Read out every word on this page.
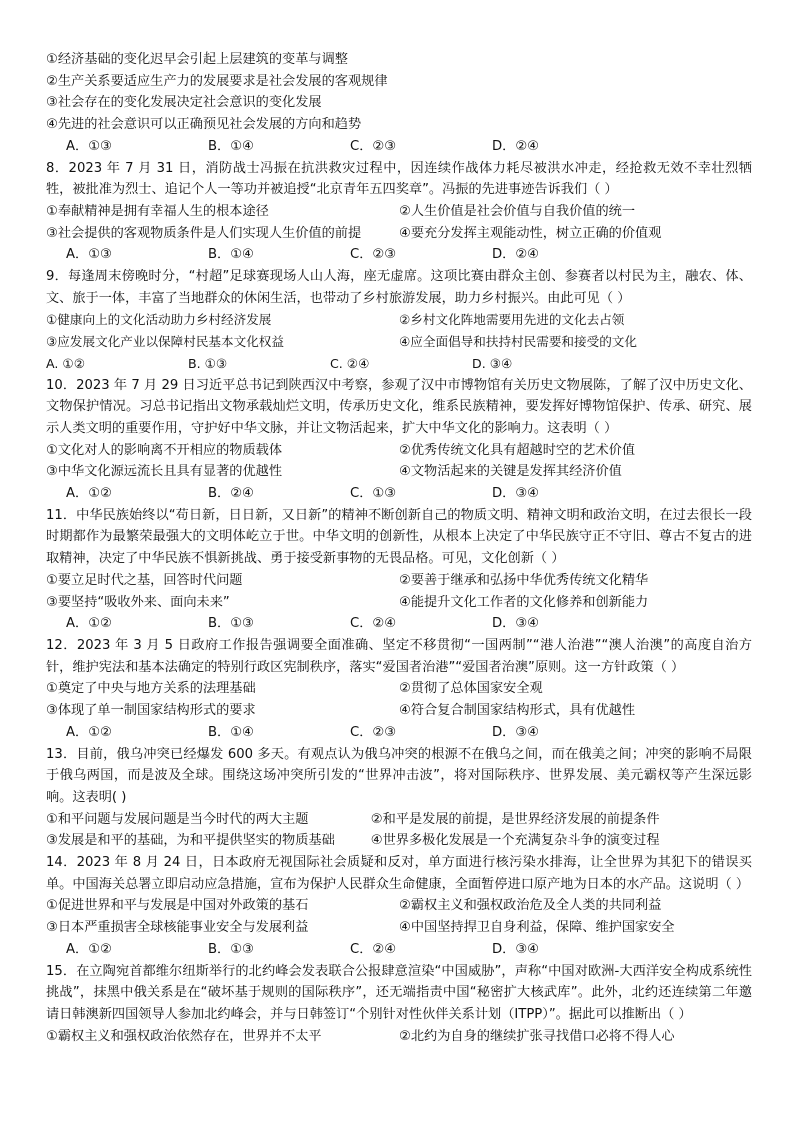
①经济基础的变化迟早会引起上层建筑的变革与调整
②生产关系要适应生产力的发展要求是社会发展的客观规律
③社会存在的变化发展决定社会意识的变化发展
④先进的社会意识可以正确预见社会发展的方向和趋势
A．①③	B．①④	C．②③	D．②④
8．2023 年 7 月 31 日，消防战士冯振在抗洪救灾过程中，因连续作战体力耗尽被洪水冲走，经抢救无效不幸壮烈牺牲，被批准为烈士、追记个人一等功并被追授“北京青年五四奖章”。冯振的先进事迹告诉我们（ ）
①奉献精神是拥有幸福人生的根本途径	②人生价值是社会价值与自我价值的统一
③社会提供的客观物质条件是人们实现人生价值的前提	④要充分发挥主观能动性，树立正确的价值观
A．①③	B．①④	C．②③	D．②④
9．每逢周末傍晚时分，“村超”足球赛现场人山人海，座无虚席。这项比赛由群众主创、参赛者以村民为主，融农、体、文、旅于一体，丰富了当地群众的休闲生活，也带动了乡村旅游发展，助力乡村振兴。由此可见（ ）
①健康向上的文化活动助力乡村经济发展	②乡村文化阵地需要用先进的文化去占领
③应发展文化产业以保障村民基本文化权益	④应全面倡导和扶持村民需要和接受的文化
A. ①②	B. ①③	C. ②④	D. ③④
10．2023 年 7 月 29 日习近平总书记到陕西汉中考察，参观了汉中市博物馆有关历史文物展陈，了解了汉中历史文化、文物保护情况。习总书记指出文物承载灿烂文明，传承历史文化，维系民族精神，要发挥好博物馆保护、传承、研究、展示人类文明的重要作用，守护好中华文脉，并让文物活起来，扩大中华文化的影响力。这表明（ ）
①文化对人的影响离不开相应的物质载体	②优秀传统文化具有超越时空的艺术价值
③中华文化源远流长且具有显著的优越性	④文物活起来的关键是发挥其经济价值
A．①②	B．②④	C．①③	D．③④
11．中华民族始终以“苟日新，日日新，又日新”的精神不断创新自己的物质文明、精神文明和政治文明，在过去很长一段时期都作为最繁荣最强大的文明体屹立于世。中华文明的创新性，从根本上决定了中华民族守正不守旧、尊古不复古的进取精神，决定了中华民族不惧新挑战、勇于接受新事物的无畏品格。可见，文化创新（ ）
①要立足时代之基，回答时代问题	②要善于继承和弘扬中华优秀传统文化精华
③要坚持“吸收外来、面向未来”	④能提升文化工作者的文化修养和创新能力
A．①②	B．①③	C．②④	D．③④
12．2023 年 3 月 5 日政府工作报告强调要全面准确、坚定不移贯彻“一国两制”“港人治港”“澳人治澳”的高度自治方针，维护宪法和基本法确定的特别行政区宪制秩序，落实“爱国者治港”“爱国者治澳”原则。这一方针政策（ ）
①奠定了中央与地方关系的法理基础	②贯彻了总体国家安全观
③体现了单一制国家结构形式的要求	④符合复合制国家结构形式，具有优越性
A．①②	B．①④	C．②③	D．③④
13．目前，俄乌冲突已经爆发 600 多天。有观点认为俄乌冲突的根源不在俄乌之间，而在俄美之间；冲突的影响不局限于俄乌两国，而是波及全球。围绕这场冲突所引发的“世界冲击波”，将对国际秩序、世界发展、美元霸权等产生深远影响。这表明( )
①和平问题与发展问题是当今时代的两大主题	②和平是发展的前提，是世界经济发展的前提条件
③发展是和平的基础，为和平提供坚实的物质基础	④世界多极化发展是一个充满复杂斗争的演变过程
14．2023 年 8 月 24 日，日本政府无视国际社会质疑和反对，单方面进行核污染水排海，让全世界为其犯下的错误买单。中国海关总署立即启动应急措施，宣布为保护人民群众生命健康，全面暂停进口原产地为日本的水产品。这说明（ ）
①促进世界和平与发展是中国对外政策的基石	②霸权主义和强权政治危及全人类的共同利益
③日本严重损害全球核能事业安全与发展利益	④中国坚持捍卫自身利益，保障、维护国家安全
A．①②	B．①③	C．②④	D．③④
15．在立陶宛首都维尔纽斯举行的北约峰会发表联合公报肆意渲染“中国威胁”，声称“中国对欧洲-大西洋安全构成系统性挑战”，抹黑中俄关系是在“破坏基于规则的国际秩序”，还无端指责中国“秘密扩大核武库”。此外，北约还连续第二年邀请日韩澳新四国领导人参加北约峰会，并与日韩签订“个别针对性伙伴关系计划（ITPP）”。据此可以推断出（ ）
①霸权主义和强权政治依然存在，世界并不太平	②北约为自身的继续扩张寻找借口必将不得人心
